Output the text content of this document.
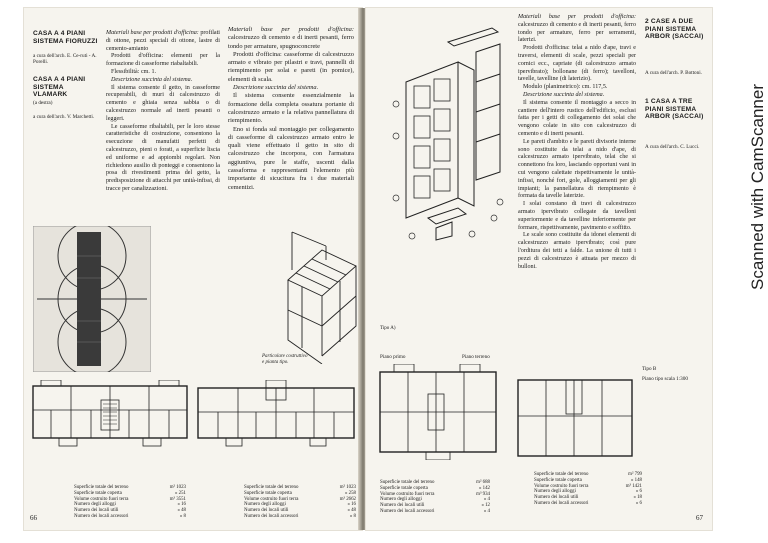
CASA A 4 PIANI SISTEMA FIORUZZI
a cura dell'arch. E. Ce-ruti - A. Porelli.
CASA A 4 PIANI SISTEMA VLAMARK
(a destra)
a cura dell'arch. V. Marchetti.

Materiali base per prodotti d'officina: profilati di ottone, pezzi speciali di ottone, lastre di cemento-amianto

Prodotti d'officina: elementi per la formazione di casseforme riabaltabili.

Flessibilità: cm. 1.

Descrizione succinta del sistema.

Il sistema consente il getto, in casseforme recuperabili, di muri di calcestruzzo di cemento e ghiaia senza sabbia o di calcestruzzo normale ad inerti pesanti o leggeri.

Le casseforme ribaltabili, per le loro stesse caratteristiche di costruzione, consentono la esecuzione di manufatti perfetti di calcestruzzo, pieni o forati, a superficie liscia ed uniforme e ad appiombi regolari. Non richiedono ausilio di ponteggi e consentono la posa di rivestimenti prima del getto, la predisposizione di attacchi per unità-infissi, di tracce per canalizzazioni.

Materiali base per prodotti d'officina: calcestruzzo di cemento e di inerti pesanti, ferro tondo per armature, spugnoconcrete

Prodotti d'officina: casseforme di calcestruzzo armato e vibrato per pilastri e travi, pannelli di riempimento per solai e pareti (in pomice), elementi di scala.

Descrizione succinta del sistema.

Il sistema consente essenzialmente la formazione della completa ossatura portante di calcestruzzo armato e la relativa pannellatura di riempimento.

Eno si fonda sul montaggio per collegamento di casseforme di calcestruzzo armato entro le quali viene effettuato il getto in sito di calcestruzzo che incorpora, con l'armatura aggiuntiva, pure le staffe, uscenti dalla cassaforma e rappresentanti l'elemento più importante di sicucitura fra i due materiali cementizi.

Particolare costruttivo e pianta tipo.
Superficie totale del terreno	m² 1023
Superficie totale coperta	» 251
Volume costruito fuori terra	m³ 3551
Numero degli alloggi	» 16
Numero dei locali utili	» 48
Numero dei locali accessori	» 8
Superficie totale del terreno	m² 1023
Superficie totale coperta	» 258
Volume costruito fuori terra	m³ 2662
Numero degli alloggi	» 16
Numero dei locali utili	» 48
Numero dei locali accessori	» 8
66
Tipo A)

Materiali base per prodotti d'officina: calcestruzzo di cemento e di inerti pesanti, ferro tondo per armature, ferro per serramenti, laterizi.

Prodotti d'officina: telai a nido d'ape, travi e traversi, elementi di scale, pezzi speciali per cornici ecc., capriate (di calcestruzzo armato ipervibrato); bollonane (di ferro); tavelloni, tavelle, tavelline (di laterizio).

Modulo (planimetrico): cm. 117,5.

Descrizione succinta del sistema.

Il sistema consente il montaggio a secco in cantiere dell'intero rustico dell'edificio, esclusi fatta per i getti di collegamento dei solai che vengono colate in sito con calcestruzzo di cemento e di inerti pesanti.

Le pareti d'ambito e le pareti divisorie interne sono costituite da telai a nido d'ape, di calcestruzzo armato ipervibrato, telai che si connettono fra loro, lasciando opportuni vani in cui vengono calettate rispettivamente le unità-infissi, nonché fori, gole, alloggiamenti per gli impianti; la pannellatura di riempimento è formata da tavelle laterizie.

I solai constano di travi di calcestruzzo armato ipervibrato collegate da tavelloni superiormente e da tavelline inferiormente per formare, rispettivamente, pavimento e soffitto.

Le scale sono costituite da idonei elementi di calcestruzzo armato ipervibrato; così pure l'orditura dei tetti a falde. La unione di tutti i pezzi di calcestruzzo è attuata per mezzo di bulloni.

2 CASE A DUE PIANI SISTEMA ARBOR (SACCAI)
A cura dell'arch. P. Bottoni.
1 CASA A TRE PIANI SISTEMA ARBOR (SACCAI)
A cura dell'arch. C. Lucci.
Piano primo	Piano terreno
Tipo B
Piano tipo scala 1:300
Superficie totale del terreno	m² 688
Superficie totale coperta	» 142
Volume costruito fuori terra	m³ 934
Numero degli alloggi	» 4
Numero dei locali utili	» 12
Numero dei locali accessori	» 4
Superficie totale del terreno	m² 799
Superficie totale coperta	» 148
Volume costruito fuori terra	m³ 1421
Numero degli alloggi	» 6
Numero dei locali utili	» 18
Numero dei locali accessori	» 6
67
Scanned with CamScanner
